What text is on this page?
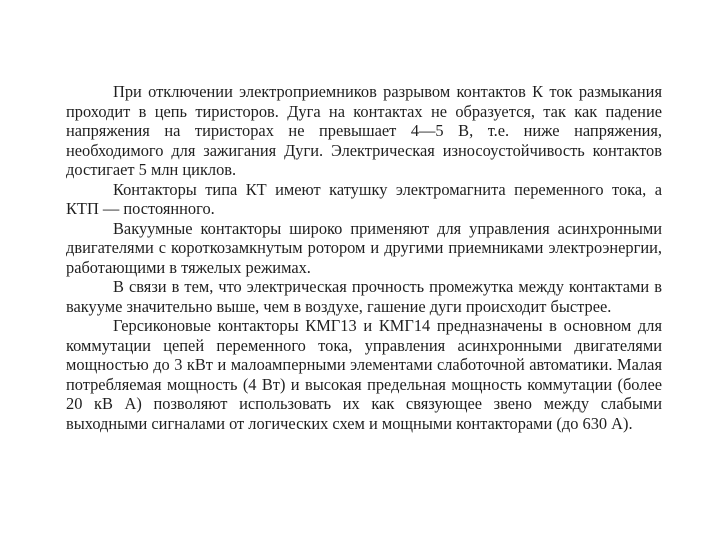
При отключении электроприемников разрывом контактов К ток размыкания проходит в цепь тиристоров. Дуга на контактах не образуется, так как падение напряжения на тиристорах не превышает 4—5 В, т.е. ниже напряжения, необходимого для зажигания Дуги. Электрическая износоустойчивость контактов достигает 5 млн циклов.

Контакторы типа КТ имеют катушку электромагнита переменного тока, а КТП — постоянного.

Вакуумные контакторы широко применяют для управления асинхронными двигателями с короткозамкнутым ротором и другими приемниками электроэнергии, работающими в тяжелых режимах.

В связи в тем, что электрическая прочность промежутка между контактами в вакууме значительно выше, чем в воздухе, гашение дуги происходит быстрее.

Герсиконовые контакторы КМГ13 и КМГ14 предназначены в основном для коммутации цепей переменного тока, управления асинхронными двигателями мощностью до 3 кВт и малоамперными элементами слаботочной автоматики. Малая потребляемая мощность (4 Вт) и высокая предельная мощность коммутации (более 20 кВ А) позволяют использовать их как связующее звено между слабыми выходными сигналами от логических схем и мощными контакторами (до 630 А).
